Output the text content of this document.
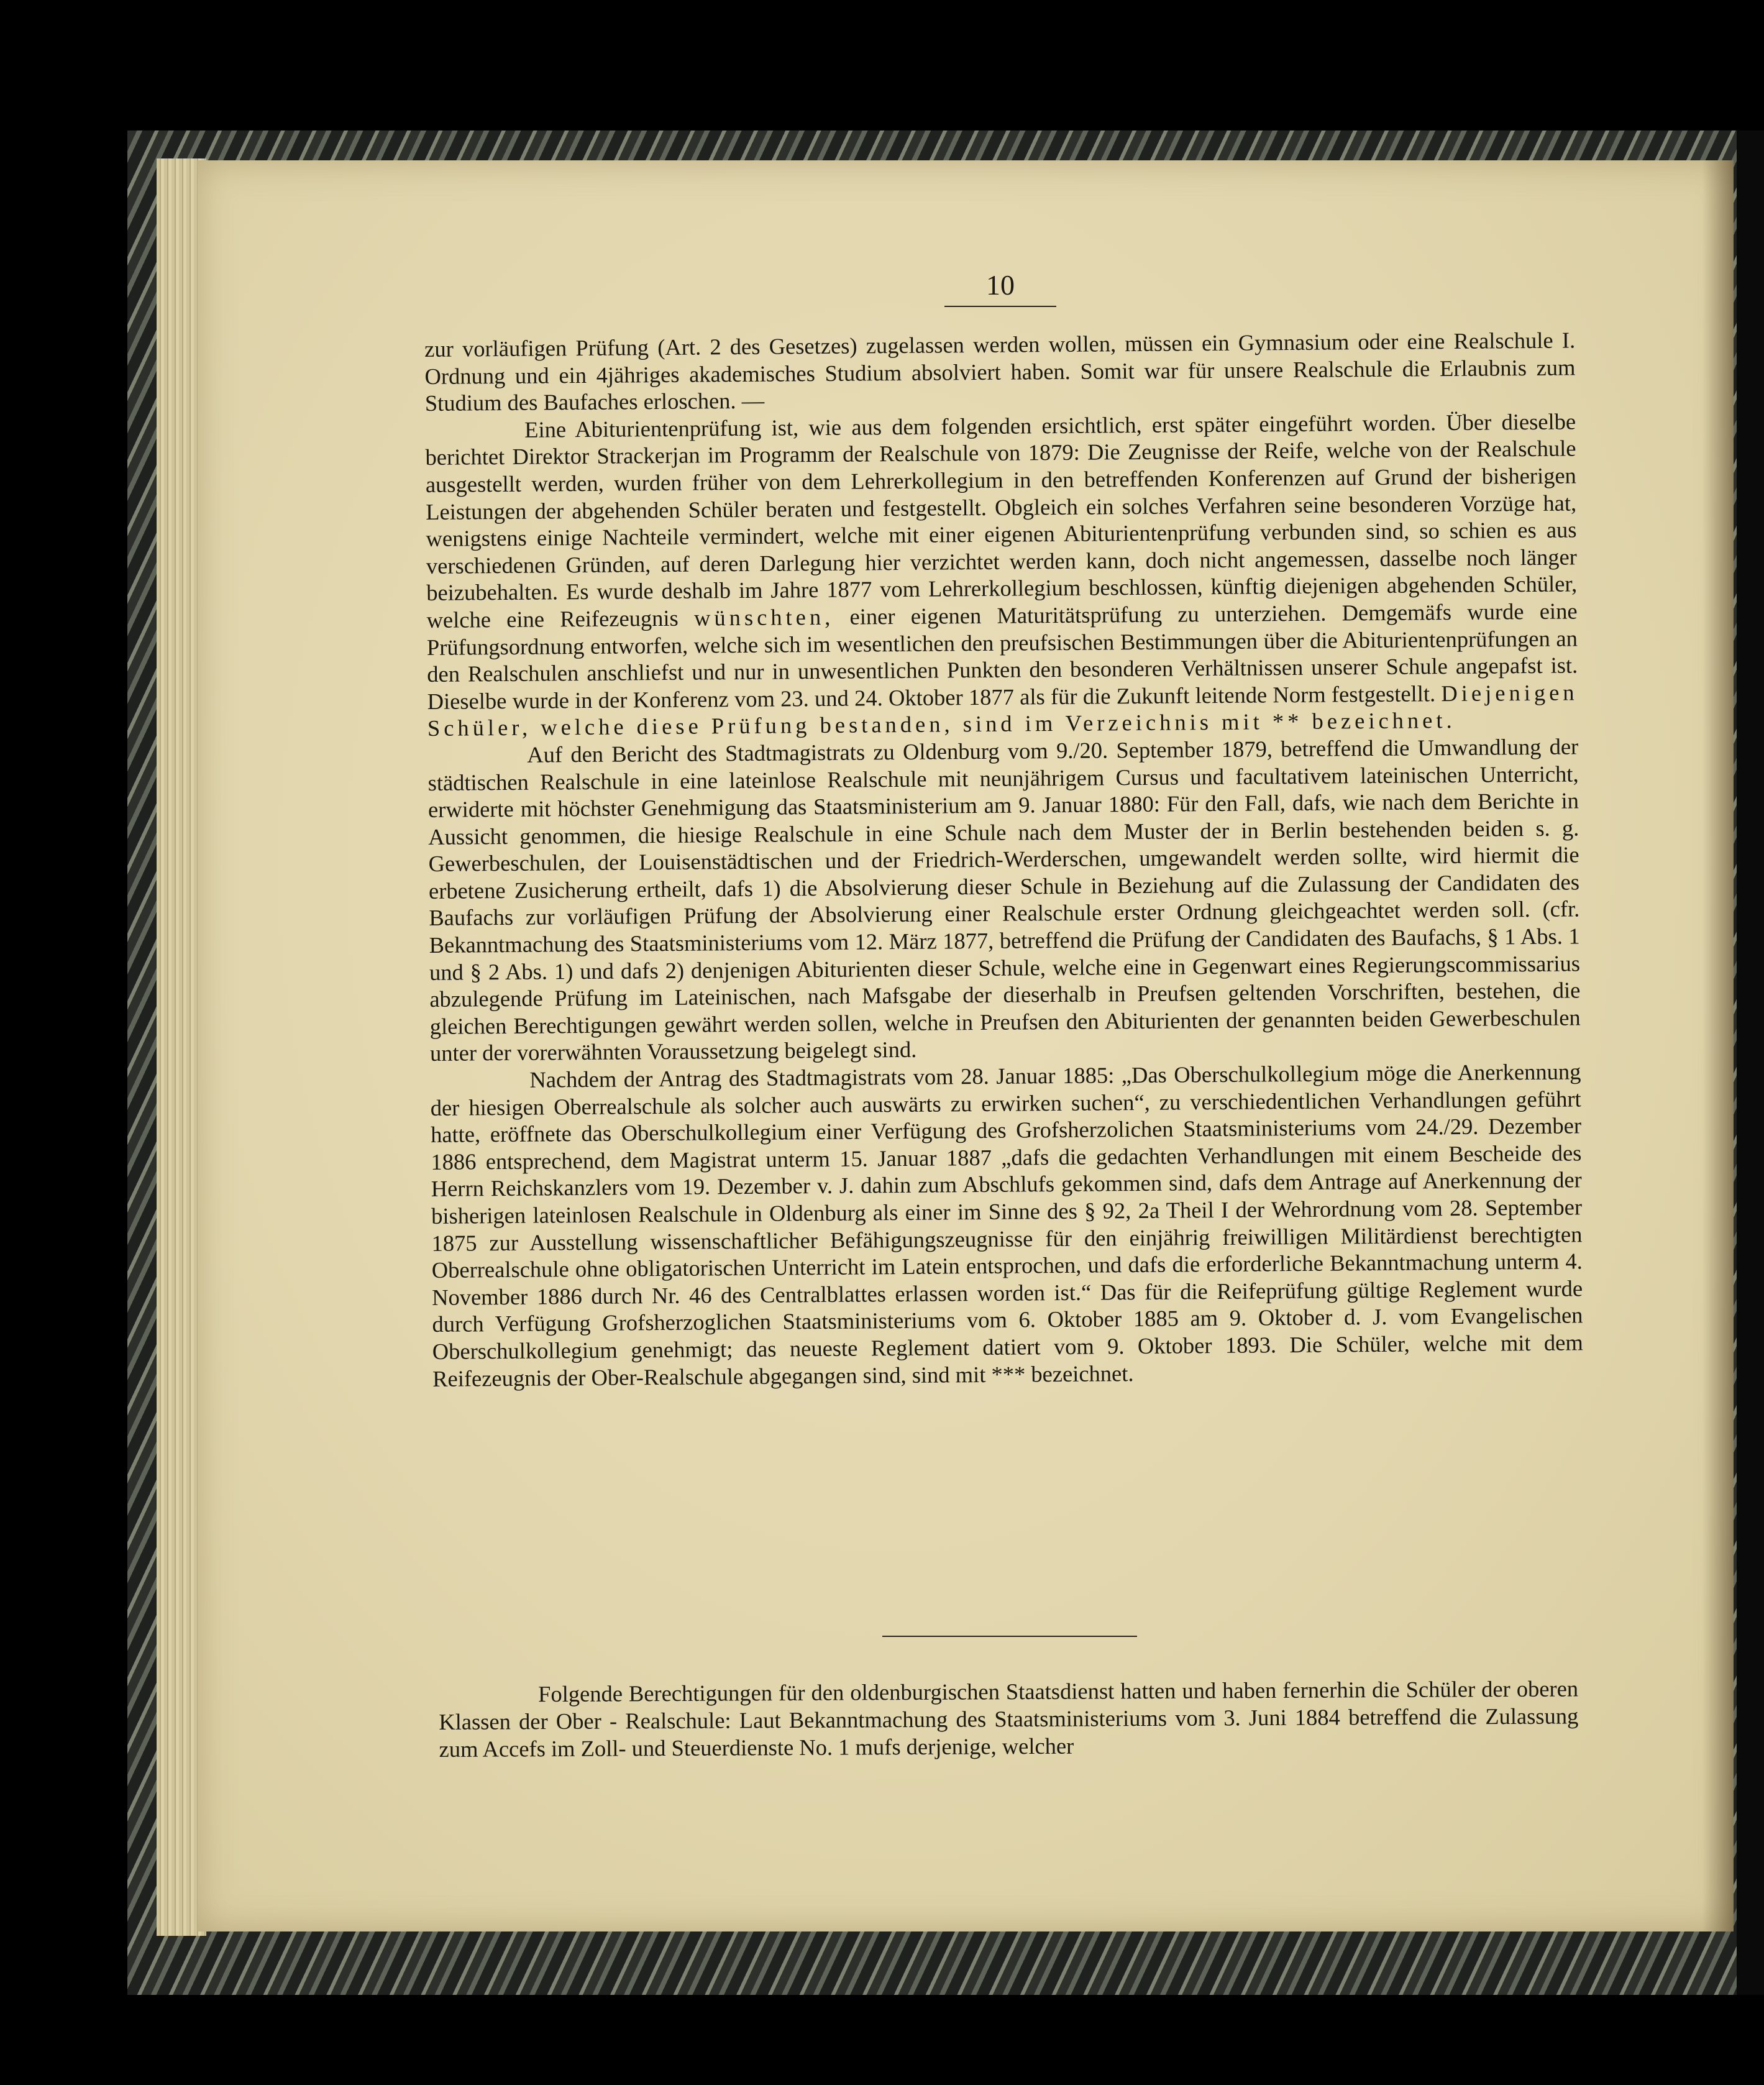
10

zur vorläufigen Prüfung (Art. 2 des Gesetzes) zugelassen werden wollen, müssen ein Gymnasium oder eine Realschule I. Ordnung und ein 4jähriges akademisches Studium absolviert haben. Somit war für unsere Realschule die Erlaubnis zum Studium des Baufaches erloschen. —

Eine Abiturientenprüfung ist, wie aus dem folgenden ersichtlich, erst später eingeführt worden. Über dieselbe berichtet Direktor Strackerjan im Programm der Realschule von 1879: Die Zeugnisse der Reife, welche von der Realschule ausgestellt werden, wurden früher von dem Lehrerkollegium in den betreffenden Konferenzen auf Grund der bisherigen Leistungen der abgehenden Schüler beraten und festgestellt. Obgleich ein solches Verfahren seine besonderen Vorzüge hat, wenigstens einige Nachteile vermindert, welche mit einer eigenen Abiturientenprüfung verbunden sind, so schien es aus verschiedenen Gründen, auf deren Darlegung hier verzichtet werden kann, doch nicht angemessen, dasselbe noch länger beizubehalten. Es wurde deshalb im Jahre 1877 vom Lehrerkollegium beschlossen, künftig diejenigen abgehenden Schüler, welche eine Reifezeugnis wünschten, einer eigenen Maturitätsprüfung zu unterziehen. Demgemäfs wurde eine Prüfungsordnung entworfen, welche sich im wesentlichen den preufsischen Bestimmungen über die Abiturientenprüfungen an den Realschulen anschliefst und nur in unwesentlichen Punkten den besonderen Verhältnissen unserer Schule angepafst ist. Dieselbe wurde in der Konferenz vom 23. und 24. Oktober 1877 als für die Zukunft leitende Norm festgestellt. Diejenigen Schüler, welche diese Prüfung bestanden, sind im Verzeichnis mit ** bezeichnet.

Auf den Bericht des Stadtmagistrats zu Oldenburg vom 9./20. September 1879, betreffend die Umwandlung der städtischen Realschule in eine lateinlose Realschule mit neunjährigem Cursus und facultativem lateinischen Unterricht, erwiderte mit höchster Genehmigung das Staatsministerium am 9. Januar 1880: Für den Fall, dafs, wie nach dem Berichte in Aussicht genommen, die hiesige Realschule in eine Schule nach dem Muster der in Berlin bestehenden beiden s. g. Gewerbeschulen, der Louisenstädtischen und der Friedrich-Werderschen, umgewandelt werden sollte, wird hiermit die erbetene Zusicherung ertheilt, dafs 1) die Absolvierung dieser Schule in Beziehung auf die Zulassung der Candidaten des Baufachs zur vorläufigen Prüfung der Absolvierung einer Realschule erster Ordnung gleichgeachtet werden soll. (cfr. Bekanntmachung des Staatsministeriums vom 12. März 1877, betreffend die Prüfung der Candidaten des Baufachs, § 1 Abs. 1 und § 2 Abs. 1) und dafs 2) denjenigen Abiturienten dieser Schule, welche eine in Gegenwart eines Regierungscommissarius abzulegende Prüfung im Lateinischen, nach Mafsgabe der dieserhalb in Preufsen geltenden Vorschriften, bestehen, die gleichen Berechtigungen gewährt werden sollen, welche in Preufsen den Abiturienten der genannten beiden Gewerbeschulen unter der vorerwähnten Voraussetzung beigelegt sind.

Nachdem der Antrag des Stadtmagistrats vom 28. Januar 1885: „Das Oberschulkollegium möge die Anerkennung der hiesigen Oberrealschule als solcher auch auswärts zu erwirken suchen“, zu verschiedentlichen Verhandlungen geführt hatte, eröffnete das Oberschulkollegium einer Verfügung des Grofsherzolichen Staatsministeriums vom 24./29. Dezember 1886 entsprechend, dem Magistrat unterm 15. Januar 1887 „dafs die gedachten Verhandlungen mit einem Bescheide des Herrn Reichskanzlers vom 19. Dezember v. J. dahin zum Abschlufs gekommen sind, dafs dem Antrage auf Anerkennung der bisherigen lateinlosen Realschule in Oldenburg als einer im Sinne des § 92, 2a Theil I der Wehrordnung vom 28. September 1875 zur Ausstellung wissenschaftlicher Befähigungszeugnisse für den einjährig freiwilligen Militärdienst berechtigten Oberrealschule ohne obligatorischen Unterricht im Latein entsprochen, und dafs die erforderliche Bekanntmachung unterm 4. November 1886 durch Nr. 46 des Centralblattes erlassen worden ist.“ Das für die Reifeprüfung gültige Reglement wurde durch Verfügung Grofsherzoglichen Staatsministeriums vom 6. Oktober 1885 am 9. Oktober d. J. vom Evangelischen Oberschulkollegium genehmigt; das neueste Reglement datiert vom 9. Oktober 1893. Die Schüler, welche mit dem Reifezeugnis der Ober-Realschule abgegangen sind, sind mit *** bezeichnet.

Folgende Berechtigungen für den oldenburgischen Staatsdienst hatten und haben fernerhin die Schüler der oberen Klassen der Ober - Realschule: Laut Bekanntmachung des Staatsministeriums vom 3. Juni 1884 betreffend die Zulassung zum Accefs im Zoll- und Steuerdienste No. 1 mufs derjenige, welcher
